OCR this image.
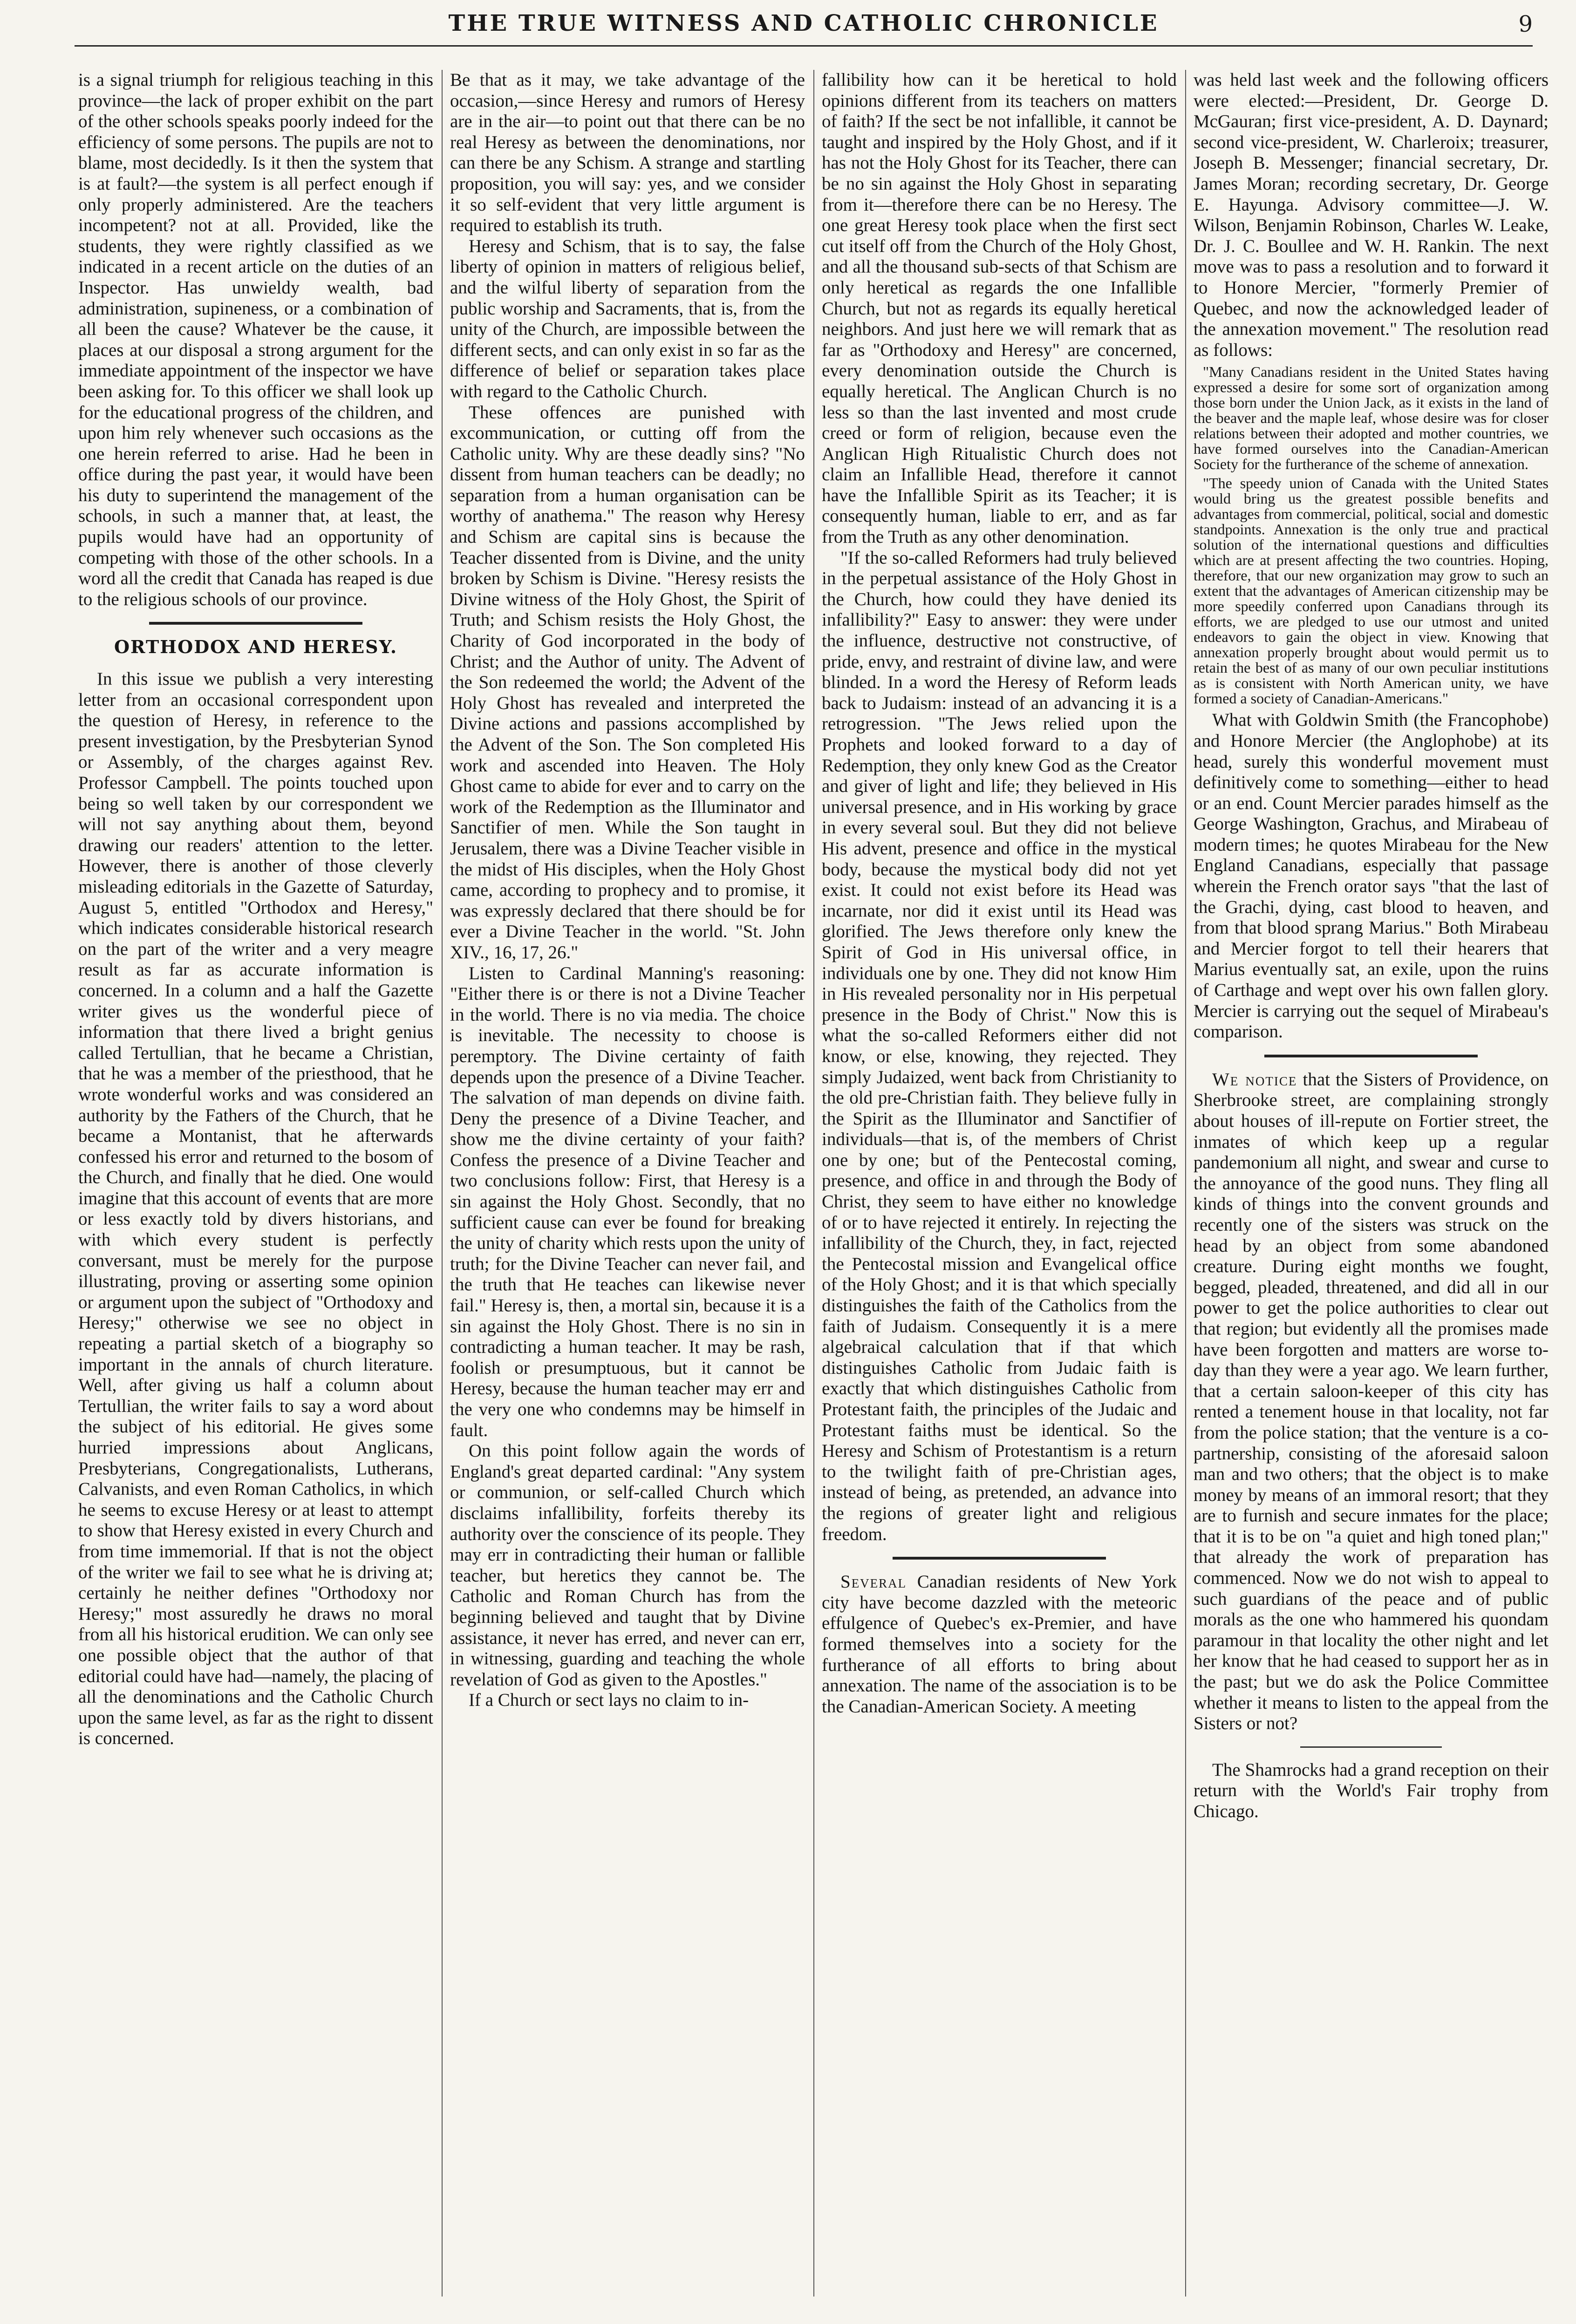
THE TRUE WITNESS AND CATHOLIC CHRONICLE	9

is a signal triumph for religious teaching in this province—the lack of proper exhibit on the part of the other schools speaks poorly indeed for the efficiency of some persons. The pupils are not to blame, most decidedly. Is it then the system that is at fault?—the system is all perfect enough if only properly administered. Are the teachers incompetent? not at all. Provided, like the students, they were rightly classified as we indicated in a recent article on the duties of an Inspector. Has unwieldy wealth, bad administration, supineness, or a combination of all been the cause? Whatever be the cause, it places at our disposal a strong argument for the immediate appointment of the inspector we have been asking for. To this officer we shall look up for the educational progress of the children, and upon him rely whenever such occasions as the one herein referred to arise. Had he been in office during the past year, it would have been his duty to superintend the management of the schools, in such a manner that, at least, the pupils would have had an opportunity of competing with those of the other schools. In a word all the credit that Canada has reaped is due to the religious schools of our province.

ORTHODOX AND HERESY.

In this issue we publish a very interesting letter from an occasional correspondent upon the question of Heresy, in reference to the present investigation, by the Presbyterian Synod or Assembly, of the charges against Rev. Professor Campbell. The points touched upon being so well taken by our correspondent we will not say anything about them, beyond drawing our readers' attention to the letter. However, there is another of those cleverly misleading editorials in the Gazette of Saturday, August 5, entitled "Orthodox and Heresy," which indicates considerable historical research on the part of the writer and a very meagre result as far as accurate information is concerned. In a column and a half the Gazette writer gives us the wonderful piece of information that there lived a bright genius called Tertullian, that he became a Christian, that he was a member of the priesthood, that he wrote wonderful works and was considered an authority by the Fathers of the Church, that he became a Montanist, that he afterwards confessed his error and returned to the bosom of the Church, and finally that he died. One would imagine that this account of events that are more or less exactly told by divers historians, and with which every student is perfectly conversant, must be merely for the purpose illustrating, proving or asserting some opinion or argument upon the subject of "Orthodoxy and Heresy;" otherwise we see no object in repeating a partial sketch of a biography so important in the annals of church literature. Well, after giving us half a column about Tertullian, the writer fails to say a word about the subject of his editorial. He gives some hurried impressions about Anglicans, Presbyterians, Congregationalists, Lutherans, Calvanists, and even Roman Catholics, in which he seems to excuse Heresy or at least to attempt to show that Heresy existed in every Church and from time immemorial. If that is not the object of the writer we fail to see what he is driving at; certainly he neither defines "Orthodoxy nor Heresy;" most assuredly he draws no moral from all his historical erudition. We can only see one possible object that the author of that editorial could have had—namely, the placing of all the denominations and the Catholic Church upon the same level, as far as the right to dissent is concerned.

Be that as it may, we take advantage of the occasion,—since Heresy and rumors of Heresy are in the air—to point out that there can be no real Heresy as between the denominations, nor can there be any Schism. A strange and startling proposition, you will say: yes, and we consider it so self-evident that very little argument is required to establish its truth.

Heresy and Schism, that is to say, the false liberty of opinion in matters of religious belief, and the wilful liberty of separation from the public worship and Sacraments, that is, from the unity of the Church, are impossible between the different sects, and can only exist in so far as the difference of belief or separation takes place with regard to the Catholic Church.

These offences are punished with excommunication, or cutting off from the Catholic unity. Why are these deadly sins? "No dissent from human teachers can be deadly; no separation from a human organisation can be worthy of anathema." The reason why Heresy and Schism are capital sins is because the Teacher dissented from is Divine, and the unity broken by Schism is Divine. "Heresy resists the Divine witness of the Holy Ghost, the Spirit of Truth; and Schism resists the Holy Ghost, the Charity of God incorporated in the body of Christ; and the Author of unity. The Advent of the Son redeemed the world; the Advent of the Holy Ghost has revealed and interpreted the Divine actions and passions accomplished by the Advent of the Son. The Son completed His work and ascended into Heaven. The Holy Ghost came to abide for ever and to carry on the work of the Redemption as the Illuminator and Sanctifier of men. While the Son taught in Jerusalem, there was a Divine Teacher visible in the midst of His disciples, when the Holy Ghost came, according to prophecy and to promise, it was expressly declared that there should be for ever a Divine Teacher in the world. "St. John XIV., 16, 17, 26."

Listen to Cardinal Manning's reasoning: "Either there is or there is not a Divine Teacher in the world. There is no via media. The choice is inevitable. The necessity to choose is peremptory. The Divine certainty of faith depends upon the presence of a Divine Teacher. The salvation of man depends on divine faith. Deny the presence of a Divine Teacher, and show me the divine certainty of your faith? Confess the presence of a Divine Teacher and two conclusions follow: First, that Heresy is a sin against the Holy Ghost. Secondly, that no sufficient cause can ever be found for breaking the unity of charity which rests upon the unity of truth; for the Divine Teacher can never fail, and the truth that He teaches can likewise never fail." Heresy is, then, a mortal sin, because it is a sin against the Holy Ghost. There is no sin in contradicting a human teacher. It may be rash, foolish or presumptuous, but it cannot be Heresy, because the human teacher may err and the very one who condemns may be himself in fault.

On this point follow again the words of England's great departed cardinal: "Any system or communion, or self-called Church which disclaims infallibility, forfeits thereby its authority over the conscience of its people. They may err in contradicting their human or fallible teacher, but heretics they cannot be. The Catholic and Roman Church has from the beginning believed and taught that by Divine assistance, it never has erred, and never can err, in witnessing, guarding and teaching the whole revelation of God as given to the Apostles."

If a Church or sect lays no claim to in-

fallibility how can it be heretical to hold opinions different from its teachers on matters of faith? If the sect be not infallible, it cannot be taught and inspired by the Holy Ghost, and if it has not the Holy Ghost for its Teacher, there can be no sin against the Holy Ghost in separating from it—therefore there can be no Heresy. The one great Heresy took place when the first sect cut itself off from the Church of the Holy Ghost, and all the thousand sub-sects of that Schism are only heretical as regards the one Infallible Church, but not as regards its equally heretical neighbors. And just here we will remark that as far as "Orthodoxy and Heresy" are concerned, every denomination outside the Church is equally heretical. The Anglican Church is no less so than the last invented and most crude creed or form of religion, because even the Anglican High Ritualistic Church does not claim an Infallible Head, therefore it cannot have the Infallible Spirit as its Teacher; it is consequently human, liable to err, and as far from the Truth as any other denomination.

"If the so-called Reformers had truly believed in the perpetual assistance of the Holy Ghost in the Church, how could they have denied its infallibility?" Easy to answer: they were under the influence, destructive not constructive, of pride, envy, and restraint of divine law, and were blinded. In a word the Heresy of Reform leads back to Judaism: instead of an advancing it is a retrogression. "The Jews relied upon the Prophets and looked forward to a day of Redemption, they only knew God as the Creator and giver of light and life; they believed in His universal presence, and in His working by grace in every several soul. But they did not believe His advent, presence and office in the mystical body, because the mystical body did not yet exist. It could not exist before its Head was incarnate, nor did it exist until its Head was glorified. The Jews therefore only knew the Spirit of God in His universal office, in individuals one by one. They did not know Him in His revealed personality nor in His perpetual presence in the Body of Christ." Now this is what the so-called Reformers either did not know, or else, knowing, they rejected. They simply Judaized, went back from Christianity to the old pre-Christian faith. They believe fully in the Spirit as the Illuminator and Sanctifier of individuals—that is, of the members of Christ one by one; but of the Pentecostal coming, presence, and office in and through the Body of Christ, they seem to have either no knowledge of or to have rejected it entirely. In rejecting the infallibility of the Church, they, in fact, rejected the Pentecostal mission and Evangelical office of the Holy Ghost; and it is that which specially distinguishes the faith of the Catholics from the faith of Judaism. Consequently it is a mere algebraical calculation that if that which distinguishes Catholic from Judaic faith is exactly that which distinguishes Catholic from Protestant faith, the principles of the Judaic and Protestant faiths must be identical. So the Heresy and Schism of Protestantism is a return to the twilight faith of pre-Christian ages, instead of being, as pretended, an advance into the regions of greater light and religious freedom.

Several Canadian residents of New York city have become dazzled with the meteoric effulgence of Quebec's ex-Premier, and have formed themselves into a society for the furtherance of all efforts to bring about annexation. The name of the association is to be the Canadian-American Society. A meeting

was held last week and the following officers were elected:—President, Dr. George D. McGauran; first vice-president, A. D. Daynard; second vice-president, W. Charleroix; treasurer, Joseph B. Messenger; financial secretary, Dr. James Moran; recording secretary, Dr. George E. Hayunga. Advisory committee—J. W. Wilson, Benjamin Robinson, Charles W. Leake, Dr. J. C. Boullee and W. H. Rankin. The next move was to pass a resolution and to forward it to Honore Mercier, "formerly Premier of Quebec, and now the acknowledged leader of the annexation movement." The resolution read as follows:

"Many Canadians resident in the United States having expressed a desire for some sort of organization among those born under the Union Jack, as it exists in the land of the beaver and the maple leaf, whose desire was for closer relations between their adopted and mother countries, we have formed ourselves into the Canadian-American Society for the furtherance of the scheme of annexation.

"The speedy union of Canada with the United States would bring us the greatest possible benefits and advantages from commercial, political, social and domestic standpoints. Annexation is the only true and practical solution of the international questions and difficulties which are at present affecting the two countries. Hoping, therefore, that our new organization may grow to such an extent that the advantages of American citizenship may be more speedily conferred upon Canadians through its efforts, we are pledged to use our utmost and united endeavors to gain the object in view. Knowing that annexation properly brought about would permit us to retain the best of as many of our own peculiar institutions as is consistent with North American unity, we have formed a society of Canadian-Americans."

What with Goldwin Smith (the Francophobe) and Honore Mercier (the Anglophobe) at its head, surely this wonderful movement must definitively come to something—either to head or an end. Count Mercier parades himself as the George Washington, Grachus, and Mirabeau of modern times; he quotes Mirabeau for the New England Canadians, especially that passage wherein the French orator says "that the last of the Grachi, dying, cast blood to heaven, and from that blood sprang Marius." Both Mirabeau and Mercier forgot to tell their hearers that Marius eventually sat, an exile, upon the ruins of Carthage and wept over his own fallen glory. Mercier is carrying out the sequel of Mirabeau's comparison.

We notice that the Sisters of Providence, on Sherbrooke street, are complaining strongly about houses of ill-repute on Fortier street, the inmates of which keep up a regular pandemonium all night, and swear and curse to the annoyance of the good nuns. They fling all kinds of things into the convent grounds and recently one of the sisters was struck on the head by an object from some abandoned creature. During eight months we fought, begged, pleaded, threatened, and did all in our power to get the police authorities to clear out that region; but evidently all the promises made have been forgotten and matters are worse to-day than they were a year ago. We learn further, that a certain saloon-keeper of this city has rented a tenement house in that locality, not far from the police station; that the venture is a co-partnership, consisting of the aforesaid saloon man and two others; that the object is to make money by means of an immoral resort; that they are to furnish and secure inmates for the place; that it is to be on "a quiet and high toned plan;" that already the work of preparation has commenced. Now we do not wish to appeal to such guardians of the peace and of public morals as the one who hammered his quondam paramour in that locality the other night and let her know that he had ceased to support her as in the past; but we do ask the Police Committee whether it means to listen to the appeal from the Sisters or not?

The Shamrocks had a grand reception on their return with the World's Fair trophy from Chicago.
